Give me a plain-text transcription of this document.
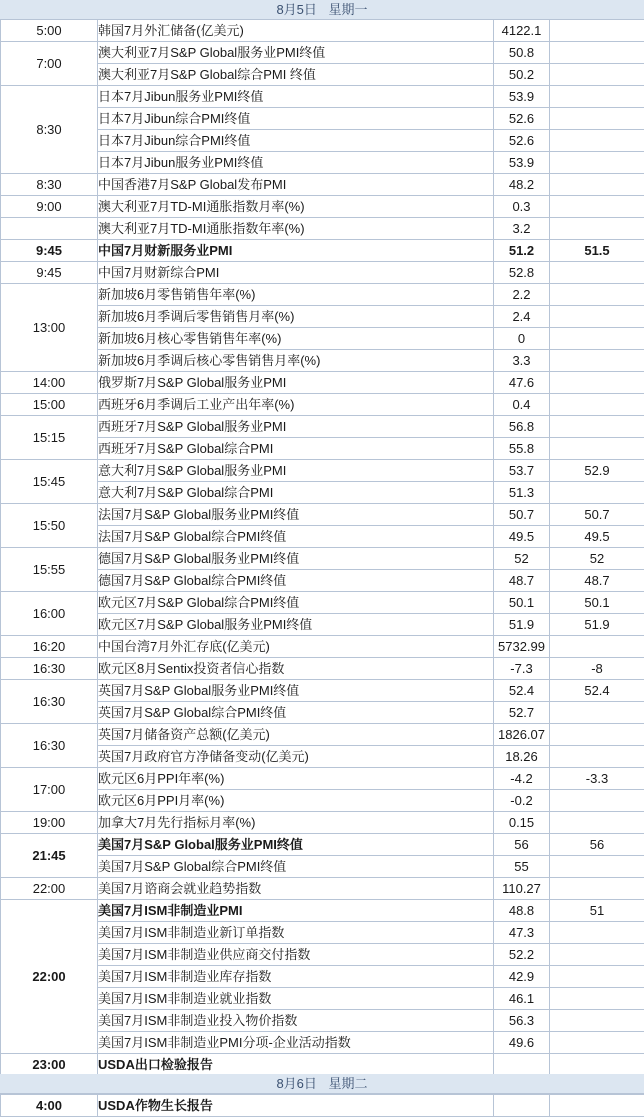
8月5日 星期一
5:00	韩国7月外汇储备(亿美元)	4122.1	
7:00	澳大利亚7月S&P Global服务业PMI终值	50.8	
	澳大利亚7月S&P Global综合PMI 终值	50.2	
8:30	日本7月Jibun服务业PMI终值	53.9	
	日本7月Jibun综合PMI终值	52.6	
	日本7月Jibun综合PMI终值	52.6	
	日本7月Jibun服务业PMI终值	53.9	
8:30	中国香港7月S&P Global发布PMI	48.2	
9:00	澳大利亚7月TD-MI通胀指数月率(%)	0.3	
	澳大利亚7月TD-MI通胀指数年率(%)	3.2	
9:45	中国7月财新服务业PMI	51.2	51.5
9:45	中国7月财新综合PMI	52.8	
13:00	新加坡6月零售销售年率(%)	2.2	
	新加坡6月季调后零售销售月率(%)	2.4	
	新加坡6月核心零售销售年率(%)	0	
	新加坡6月季调后核心零售销售月率(%)	3.3	
14:00	俄罗斯7月S&P Global服务业PMI	47.6	
15:00	西班牙6月季调后工业产出年率(%)	0.4	
15:15	西班牙7月S&P Global服务业PMI	56.8	
	西班牙7月S&P Global综合PMI	55.8	
15:45	意大利7月S&P Global服务业PMI	53.7	52.9
	意大利7月S&P Global综合PMI	51.3	
15:50	法国7月S&P Global服务业PMI终值	50.7	50.7
	法国7月S&P Global综合PMI终值	49.5	49.5
15:55	德国7月S&P Global服务业PMI终值	52	52
	德国7月S&P Global综合PMI终值	48.7	48.7
16:00	欧元区7月S&P Global综合PMI终值	50.1	50.1
	欧元区7月S&P Global服务业PMI终值	51.9	51.9
16:20	中国台湾7月外汇存底(亿美元)	5732.99	
16:30	欧元区8月Sentix投资者信心指数	-7.3	-8
16:30	英国7月S&P Global服务业PMI终值	52.4	52.4
	英国7月S&P Global综合PMI终值	52.7	
16:30	英国7月储备资产总额(亿美元)	1826.07	
	英国7月政府官方净储备变动(亿美元)	18.26	
17:00	欧元区6月PPI年率(%)	-4.2	-3.3
	欧元区6月PPI月率(%)	-0.2	
19:00	加拿大7月先行指标月率(%)	0.15	
21:45	美国7月S&P Global服务业PMI终值	56	56
	美国7月S&P Global综合PMI终值	55	
22:00	美国7月谘商会就业趋势指数	110.27	
22:00	美国7月ISM非制造业PMI	48.8	51
	美国7月ISM非制造业新订单指数	47.3	
	美国7月ISM非制造业供应商交付指数	52.2	
	美国7月ISM非制造业库存指数	42.9	
	美国7月ISM非制造业就业指数	46.1	
	美国7月ISM非制造业投入物价指数	56.3	
	美国7月ISM非制造业PMI分项-企业活动指数	49.6	
23:00	USDA出口检验报告		
8月6日 星期二
4:00	USDA作物生长报告		
